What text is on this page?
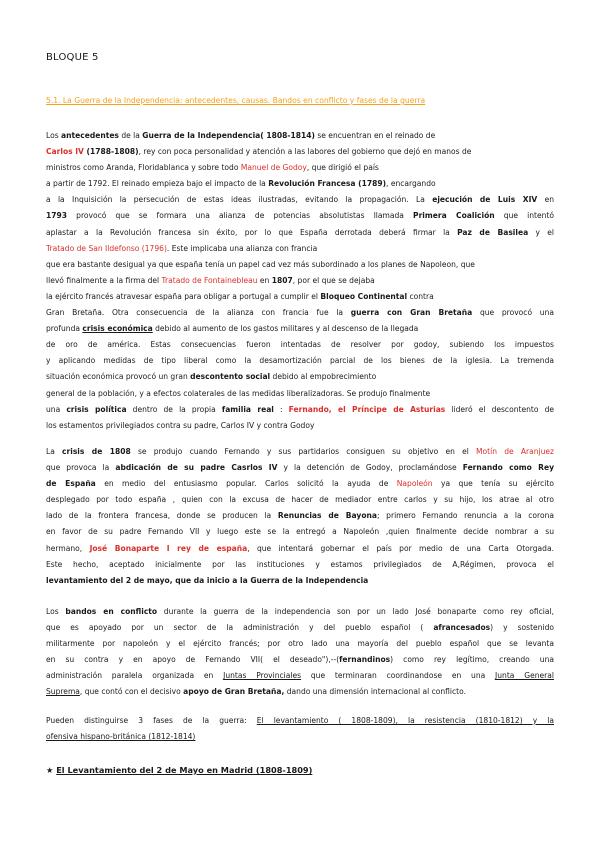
BLOQUE 5
5.1. La Guerra de la Independencia: antecedentes, causas. Bandos en conflicto y fases de la guerra
Los antecedentes de la Guerra de la Independencia( 1808-1814) se encuentran en el reinado de
Carlos IV (1788-1808), rey con poca personalidad y atención a las labores del gobierno que dejó en manos de
ministros como Aranda, Floridablanca y sobre todo Manuel de Godoy, que dirigió el país
a partir de 1792. El reinado empieza bajo el impacto de la Revolución Francesa (1789), encargando
a la Inquisición la persecución de estas ideas ilustradas, evitando la propagación. La ejecución de Luis XIV en
1793 provocó que se formara una alianza de potencias absolutistas llamada Primera Coalición que intentó
aplastar a la Revolución francesa sin éxito, por lo que España derrotada deberá firmar la Paz de Basilea y el
Tratado de San Ildefonso (1796). Este implicaba una alianza con francia
que era bastante desigual ya que españa tenía un papel cad vez más subordinado a los planes de Napoleon, que
llevó finalmente a la firma del Tratado de Fontainebleau en 1807, por el que se dejaba
la ejército francés atravesar españa para obligar a portugal a cumplir el Bloqueo Continental contra
Gran Bretaña. Otra consecuencia de la alianza con francia fue la guerra con Gran Bretaña que provocó una
profunda crisis económica debido al aumento de los gastos militares y al descenso de la llegada
de oro de américa. Estas consecuencias fueron intentadas de resolver por godoy, subiendo los impuestos
y aplicando medidas de tipo liberal como la desamortización parcial de los bienes de la iglesia. La tremenda
situación económica provocó un gran descontento social debido al empobrecimiento
general de la población, y a efectos colaterales de las medidas liberalizadoras. Se produjo finalmente
una crisis política dentro de la propia familia real : Fernando, el Príncipe de Asturias lideró el descontento de
los estamentos privilegiados contra su padre, Carlos IV y contra Godoy
La crisis de 1808 se produjo cuando Fernando y sus partidarios consiguen su objetivo en el Motín de Aranjuez
que provoca la abdicación de su padre Casrlos IV y la detención de Godoy, proclamándose Fernando como Rey
de España en medio del entusiasmo popular. Carlos solicitó la ayuda de Napoleón ya que tenía su ejército
desplegado por todo españa , quien con la excusa de hacer de mediador entre carlos y su hijo, los atrae al otro
lado de la frontera francesa, donde se producen la Renuncias de Bayona; primero Fernando renuncia a la corona
en favor de su padre Fernando VII y luego este se la entregó a Napoleón ,quien finalmente decide nombrar a su
hermano, José Bonaparte I rey de españa, que intentará gobernar el país por medio de una Carta Otorgada.
Este hecho, aceptado inicialmente por las instituciones y estamos privilegiados de A,Régimen, provoca el
levantamiento del 2 de mayo, que da inicio a la Guerra de la Independencia
Los bandos en conflicto durante la guerra de la independencia son por un lado José bonaparte como rey oficial,
que es apoyado por un sector de la administración y del pueblo español ( afrancesados) y sostenido
militarmente por napoleón y el ejército francés; por otro lado una mayoría del pueblo español que se levanta
en su contra y en apoyo de Fernando VII( el deseado"),--(fernandinos) como rey legítimo, creando una
administración paralela organizada en Juntas Provinciales que terminaran coordinandose en una Junta General
Suprema, que contó con el decisivo apoyo de Gran Bretaña, dando una dimensión internacional al conflicto.
Pueden distinguirse 3 fases de la guerra: El levantamiento ( 1808-1809), la resistencia (1810-1812) y la
ofensiva hispano-británica (1812-1814)
★ El Levantamiento del 2 de Mayo en Madrid (1808-1809)
